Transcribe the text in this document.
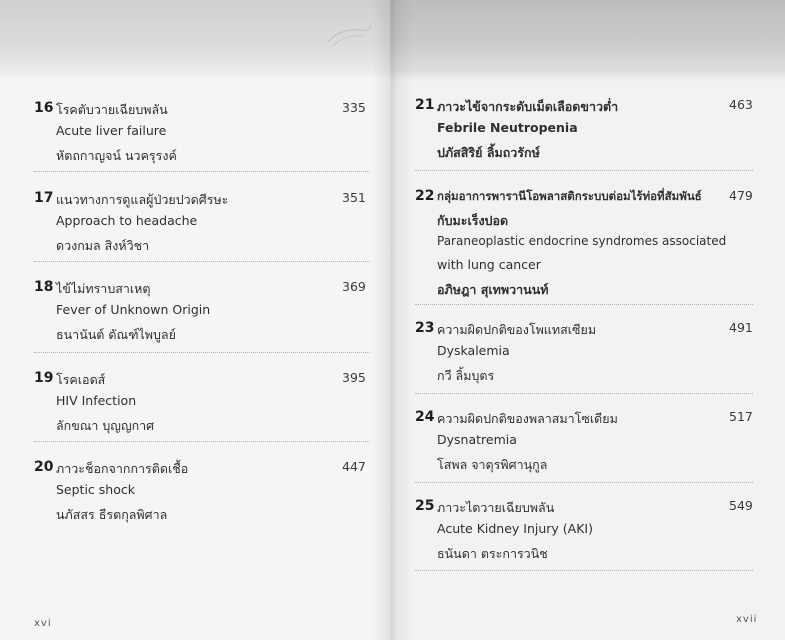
16 โรคตับวายเฉียบพลัน
Acute liver failure
หัตถกาญจน์ นวครุรงค์
335
17 แนวทางการดูแลผู้ป่วยปวดศีรษะ
Approach to headache
ดวงกมล สิงห์วิชา
351
18 ไข้ไม่ทราบสาเหตุ
Fever of Unknown Origin
ธนานันต์ ดัณฑ์ไพบูลย์
369
19 โรคเอดส์
HIV Infection
ลักขณา บุญญกาศ
395
20 ภาวะช็อกจากการติดเชื้อ
Septic shock
นภัสสร ธีรตกุลพิศาล
447
xvi
21 ภาวะไข้จากระดับเม็ดเลือดขาวต่ำ
Febrile Neutropenia
ปภัสสิริย์ ลิ้มถวรักษ์
463
22 กลุ่มอาการพารานีโอพลาสติกระบบต่อมไร้ท่อที่สัมพันธ์
กับมะเร็งปอด
Paraneoplastic endocrine syndromes associated
with lung cancer
อภิษฎา สุเทพวานนท์
479
23 ความผิดปกติของโพแทสเซียม
Dyskalemia
กวี ลิ้มบุตร
491
24 ความผิดปกติของพลาสมาโซเดียม
Dysnatremia
โสพล จาตุรพิศานุกูล
517
25 ภาวะไตวายเฉียบพลัน
Acute Kidney Injury (AKI)
ธนันดา ตระการวนิช
549
xvii
